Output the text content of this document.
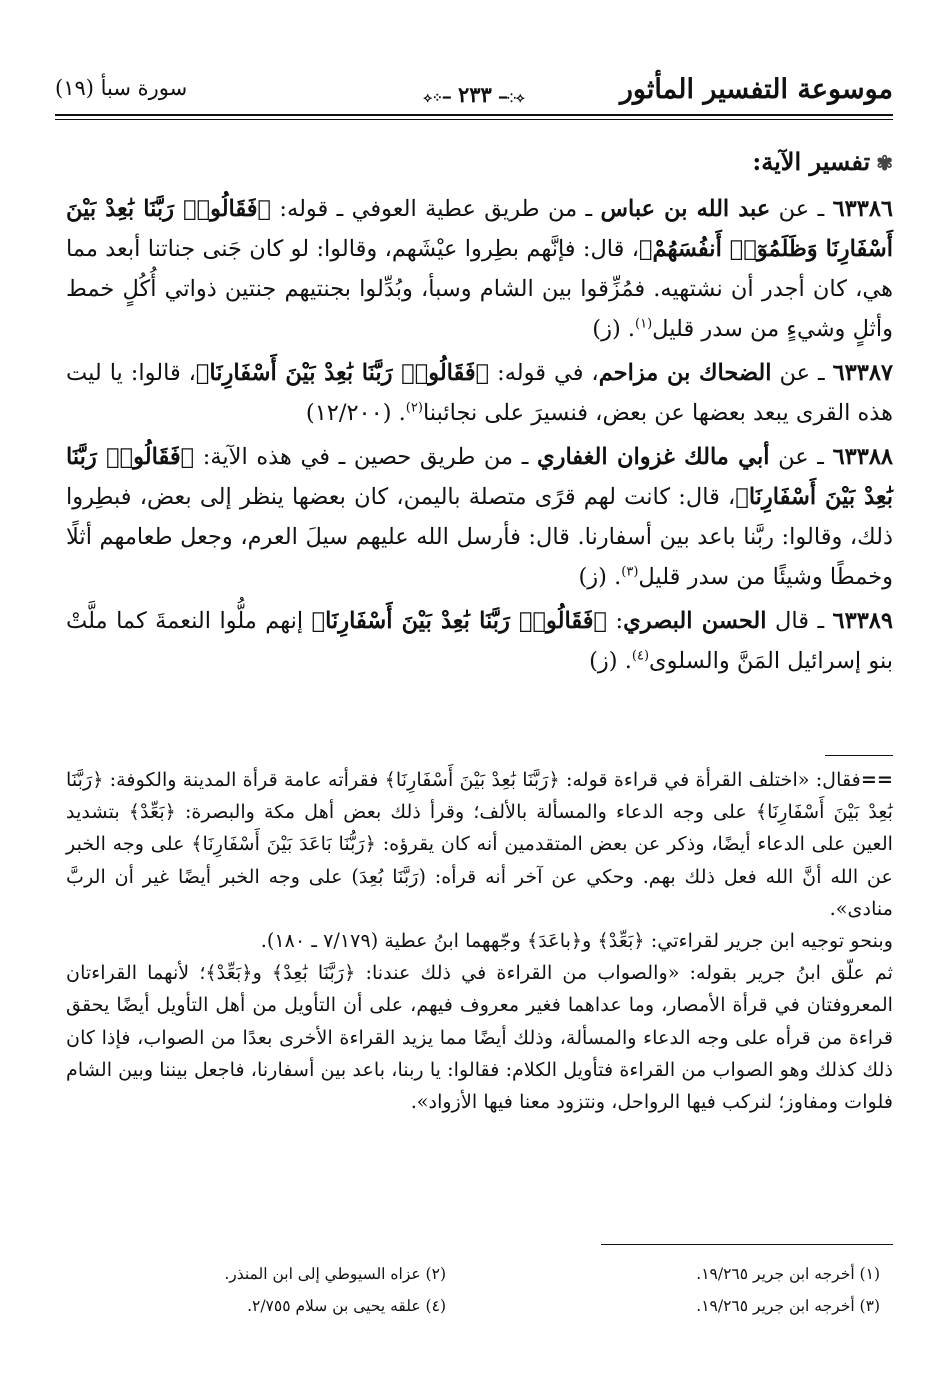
موسوعة التفسير المأثور
⟡⁘━ ٢٣٣ ━⁘⟡
سورة سبأ (١٩)
✾تفسير الآية:

٦٣٣٨٦ ـ عن عبد الله بن عباس ـ من طريق عطية العوفي ـ قوله: ﴿فَقَالُوا۟ رَبَّنَا بَٰعِدْ بَيْنَ أَسْفَارِنَا وَظَلَمُوٓا۟ أَنفُسَهُمْ﴾، قال: فإنَّهم بطِروا عيْشَهم، وقالوا: لو كان جَنى جناتنا أبعد مما هي، كان أجدر أن نشتهيه. فمُزِّقوا بين الشام وسبأ، وبُدِّلوا بجنتيهم جنتين ذواتي أُكُلٍ خمط وأثلٍ وشيءٍ من سدر قليل$^{(١)}$. (ز)

٦٣٣٨٧ ـ عن الضحاك بن مزاحم، في قوله: ﴿فَقَالُوا۟ رَبَّنَا بَٰعِدْ بَيْنَ أَسْفَارِنَا﴾، قالوا: يا ليت هذه القرى يبعد بعضها عن بعض، فنسيرَ على نجائبنا$^{(٢)}$. (١٢/٢٠٠)

٦٣٣٨٨ ـ عن أبي مالك غزوان الغفاري ـ من طريق حصين ـ في هذه الآية: ﴿فَقَالُوا۟ رَبَّنَا بَٰعِدْ بَيْنَ أَسْفَارِنَا﴾، قال: كانت لهم قرًى متصلة باليمن، كان بعضها ينظر إلى بعض، فبطِروا ذلك، وقالوا: ربَّنا باعد بين أسفارنا. قال: فأرسل الله عليهم سيلَ العرم، وجعل طعامهم أثلًا وخمطًا وشيئًا من سدر قليل$^{(٣)}$. (ز)

٦٣٣٨٩ ـ قال الحسن البصري: ﴿فَقَالُوا۟ رَبَّنَا بَٰعِدْ بَيْنَ أَسْفَارِنَا﴾ إنهم ملُّوا النعمةَ كما ملَّتْ بنو إسرائيل المَنَّ والسلوى$^{(٤)}$. (ز)

==فقال: «اختلف القرأة في قراءة قوله: ﴿رَبَّنَا بَٰعِدْ بَيْنَ أَسْفَارِنَا﴾ فقرأته عامة قرأة المدينة والكوفة: ﴿رَبَّنَا بَٰعِدْ بَيْنَ أَسْفَارِنَا﴾ على وجه الدعاء والمسألة بالألف؛ وقرأ ذلك بعض أهل مكة والبصرة: ﴿بَعِّدْ﴾ بتشديد العين على الدعاء أيضًا، وذكر عن بعض المتقدمين أنه كان يقرؤه: ﴿رَبُّنَا بَاعَدَ بَيْنَ أَسْفَارِنَا﴾ على وجه الخبر عن الله أنَّ الله فعل ذلك بهم. وحكي عن آخر أنه قرأه: (رَبَّنَا بُعِدَ) على وجه الخبر أيضًا غير أن الربَّ منادى».

وبنحو توجيه ابن جرير لقراءتي: ﴿بَعِّدْ﴾ و﴿باعَدَ﴾ وجّههما ابنُ عطية (٧/١٧٩ ـ ١٨٠).

ثم علّق ابنُ جرير بقوله: «والصواب من القراءة في ذلك عندنا: ﴿رَبَّنَا بَٰعِدْ﴾ و﴿بَعِّدْ﴾؛ لأنهما القراءتان المعروفتان في قرأة الأمصار، وما عداهما فغير معروف فيهم، على أن التأويل من أهل التأويل أيضًا يحقق قراءة من قرأه على وجه الدعاء والمسألة، وذلك أيضًا مما يزيد القراءة الأخرى بعدًا من الصواب، فإذا كان ذلك كذلك وهو الصواب من القراءة فتأويل الكلام: فقالوا: يا ربنا، باعد بين أسفارنا، فاجعل بيننا وبين الشام فلوات ومفاوز؛ لنركب فيها الرواحل، ونتزود معنا فيها الأزواد».

(١) أخرجه ابن جرير ١٩/٢٦٥.
(٢) عزاه السيوطي إلى ابن المنذر.
(٣) أخرجه ابن جرير ١٩/٢٦٥.
(٤) علقه يحيى بن سلام ٢/٧٥٥.
